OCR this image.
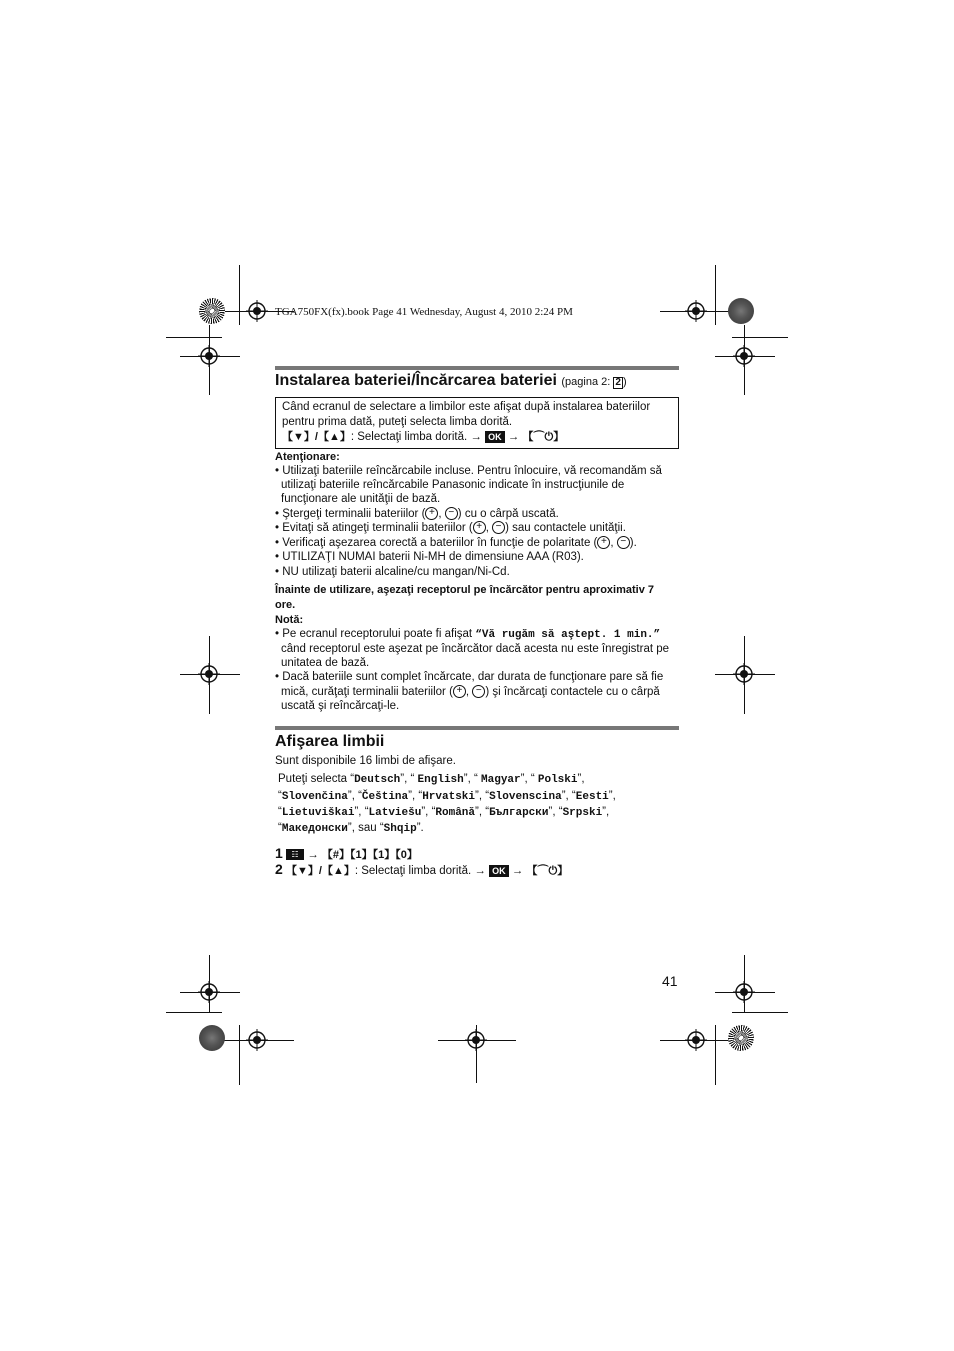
TGA750FX(fx).book Page 41 Wednesday, August 4, 2010 2:24 PM
Instalarea bateriei/Încărcarea bateriei (pagina 2: 2 )
Când ecranul de selectare a limbilor este afişat după instalarea bateriilor
pentru prima dată, puteţi selecta limba dorită.
【▼】/【▲】: Selectaţi limba dorită. → OK → 【⌒⏻】
Atenţionare:
• Utilizaţi bateriile reîncărcabile incluse. Pentru înlocuire, vă recomandăm să
utilizaţi bateriile reîncărcabile Panasonic indicate în instrucţiunile de
funcţionare ale unităţii de bază.
• Ştergeţi terminalii bateriilor ( + , − ) cu o cârpă uscată.
• Evitaţi să atingeţi terminalii bateriilor ( + , − ) sau contactele unităţii.
• Verificaţi aşezarea corectă a bateriilor în funcţie de polaritate ( + , − ).
• UTILIZAŢI NUMAI baterii Ni-MH de dimensiune AAA (R03).
• NU utilizaţi baterii alcaline/cu mangan/Ni-Cd.
Înainte de utilizare, aşezaţi receptorul pe încărcător pentru aproximativ 7
ore.
Notă:
• Pe ecranul receptorului poate fi afişat “Vă rugăm să aştept. 1 min.”
când receptorul este aşezat pe încărcător dacă acesta nu este înregistrat pe
unitatea de bază.
• Dacă bateriile sunt complet încărcate, dar durata de funcţionare pare să fie
mică, curăţaţi terminalii bateriilor ( + , − ) şi încărcaţi contactele cu o cârpă
uscată şi reîncărcaţi-le.
Afişarea limbii
Sunt disponibile 16 limbi de afişare.
Puteţi selecta “Deutsch”, “ English”, “ Magyar”, “ Polski”,
“Slovenčina”, “Čeština”, “Hrvatski”, “Slovenscina”, “Eesti”,
“Lietuviškai”, “Latviešu”, “Română”, “Български”, “Srpski”,
“Македонски”, sau “Shqip”.
1 ☷ → 【#】【1】【1】【0】
2 【▼】/【▲】: Selectaţi limba dorită. → OK → 【⌒⏻】
41
